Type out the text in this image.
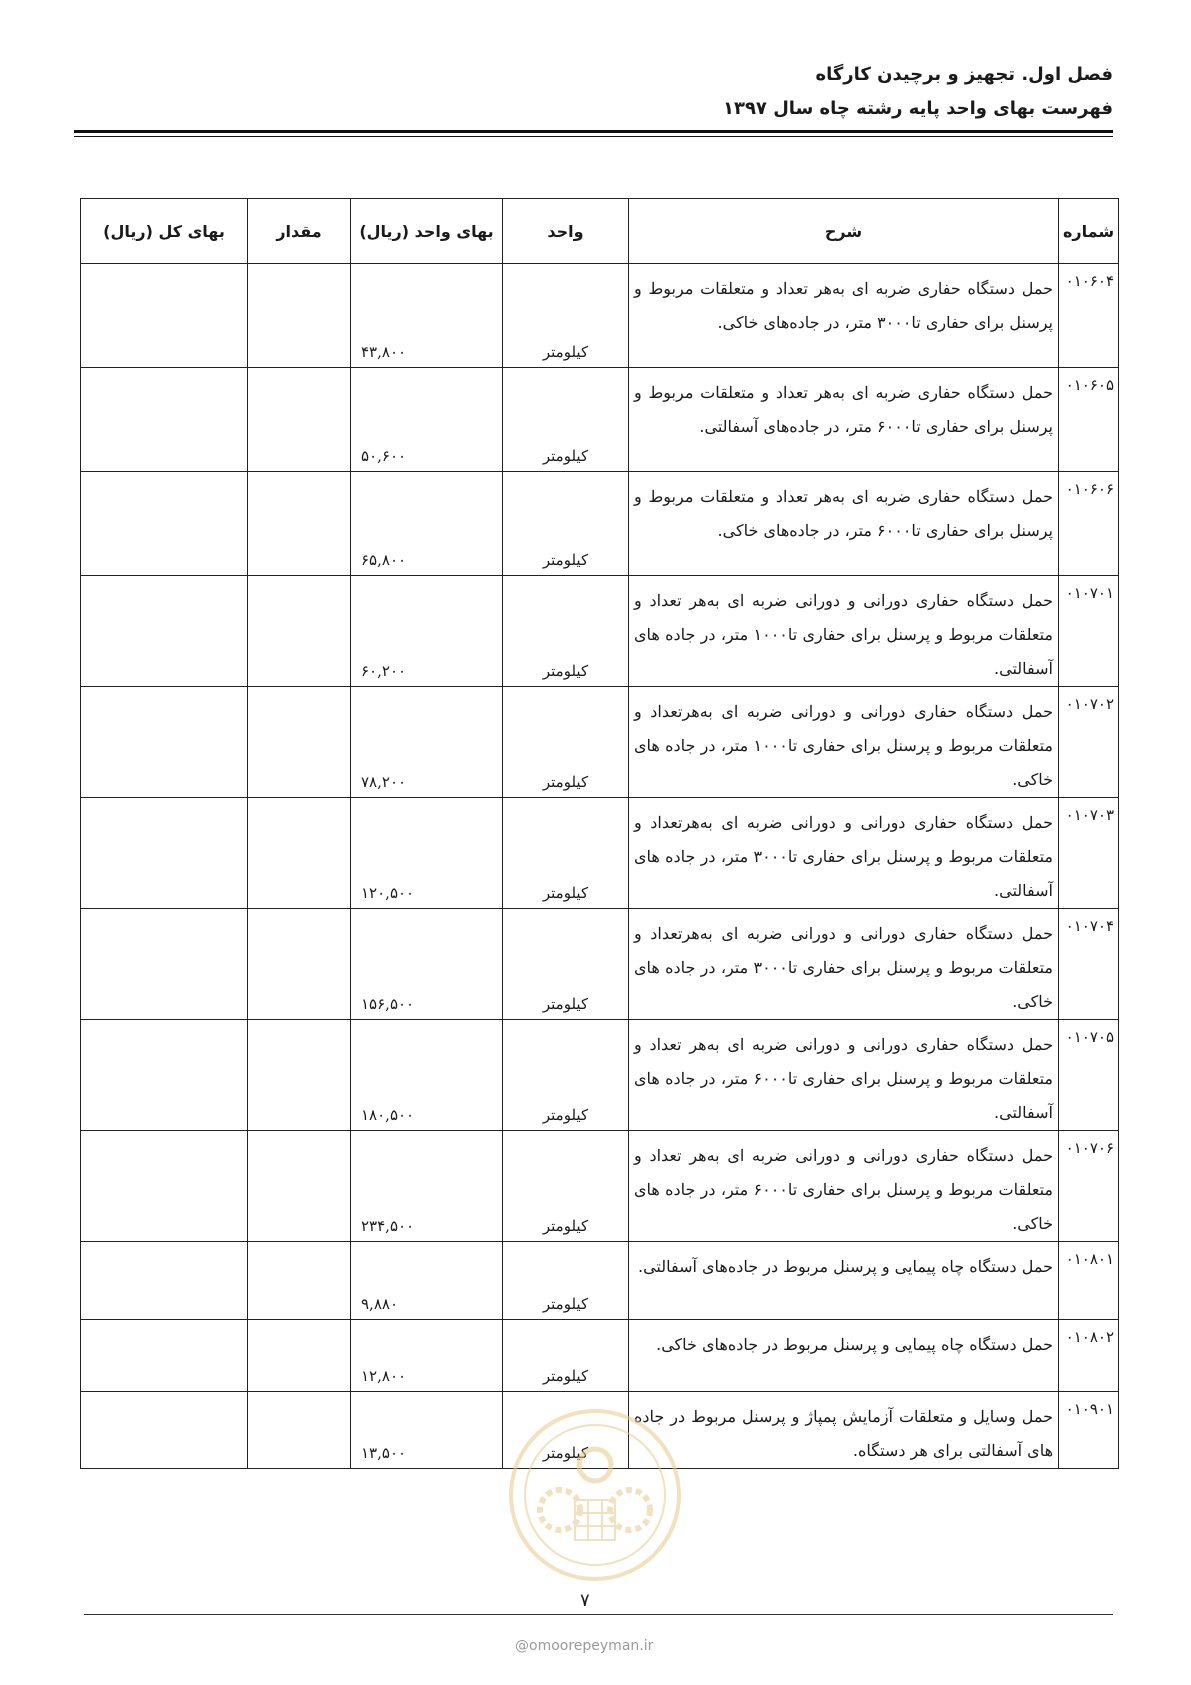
فصل اول. تجهیز و برچیدن کارگاه
فهرست بهای واحد پایه رشته چاه سال ۱۳۹۷
شماره	شرح	واحد	بهای واحد (ریال)	مقدار	بهای کل (ریال)
۰۱۰۶۰۴	حمل دستگاه حفاری ضربه ای به‌هر تعداد و متعلقات مربوط و پرسنل برای حفاری تا۳۰۰۰ متر، در جاده‌های خاکی.	کیلومتر	۴۳,۸۰۰		
۰۱۰۶۰۵	حمل دستگاه حفاری ضربه ای به‌هر تعداد و متعلقات مربوط و پرسنل برای حفاری تا۶۰۰۰ متر، در جاده‌های آسفالتی.	کیلومتر	۵۰,۶۰۰		
۰۱۰۶۰۶	حمل دستگاه حفاری ضربه ای به‌هر تعداد و متعلقات مربوط و پرسنل برای حفاری تا۶۰۰۰ متر، در جاده‌های خاکی.	کیلومتر	۶۵,۸۰۰		
۰۱۰۷۰۱	حمل دستگاه حفاری دورانی و دورانی ضربه ای به‌هر تعداد و متعلقات مربوط و پرسنل برای حفاری تا۱۰۰۰ متر، در جاده های آسفالتی.	کیلومتر	۶۰,۲۰۰		
۰۱۰۷۰۲	حمل دستگاه حفاری دورانی و دورانی ضربه ای به‌هرتعداد و متعلقات مربوط و پرسنل برای حفاری تا۱۰۰۰ متر، در جاده های خاکی.	کیلومتر	۷۸,۲۰۰		
۰۱۰۷۰۳	حمل دستگاه حفاری دورانی و دورانی ضربه ای به‌هرتعداد و متعلقات مربوط و پرسنل برای حفاری تا۳۰۰۰ متر، در جاده های آسفالتی.	کیلومتر	۱۲۰,۵۰۰		
۰۱۰۷۰۴	حمل دستگاه حفاری دورانی و دورانی ضربه ای به‌هرتعداد و متعلقات مربوط و پرسنل برای حفاری تا۳۰۰۰ متر، در جاده های خاکی.	کیلومتر	۱۵۶,۵۰۰		
۰۱۰۷۰۵	حمل دستگاه حفاری دورانی و دورانی ضربه ای به‌هر تعداد و متعلقات مربوط و پرسنل برای حفاری تا۶۰۰۰ متر، در جاده های آسفالتی.	کیلومتر	۱۸۰,۵۰۰		
۰۱۰۷۰۶	حمل دستگاه حفاری دورانی و دورانی ضربه ای به‌هر تعداد و متعلقات مربوط و پرسنل برای حفاری تا۶۰۰۰ متر، در جاده های خاکی.	کیلومتر	۲۳۴,۵۰۰		
۰۱۰۸۰۱	حمل دستگاه چاه پیمایی و پرسنل مربوط در جاده‌های آسفالتی.	کیلومتر	۹,۸۸۰		
۰۱۰۸۰۲	حمل دستگاه چاه پیمایی و پرسنل مربوط در جاده‌های خاکی.	کیلومتر	۱۲,۸۰۰		
۰۱۰۹۰۱	حمل وسایل و متعلقات آزمایش پمپاژ و پرسنل مربوط در جاده های آسفالتی برای هر دستگاه.	کیلومتر	۱۳,۵۰۰		
۷
@omoorepeyman.ir
